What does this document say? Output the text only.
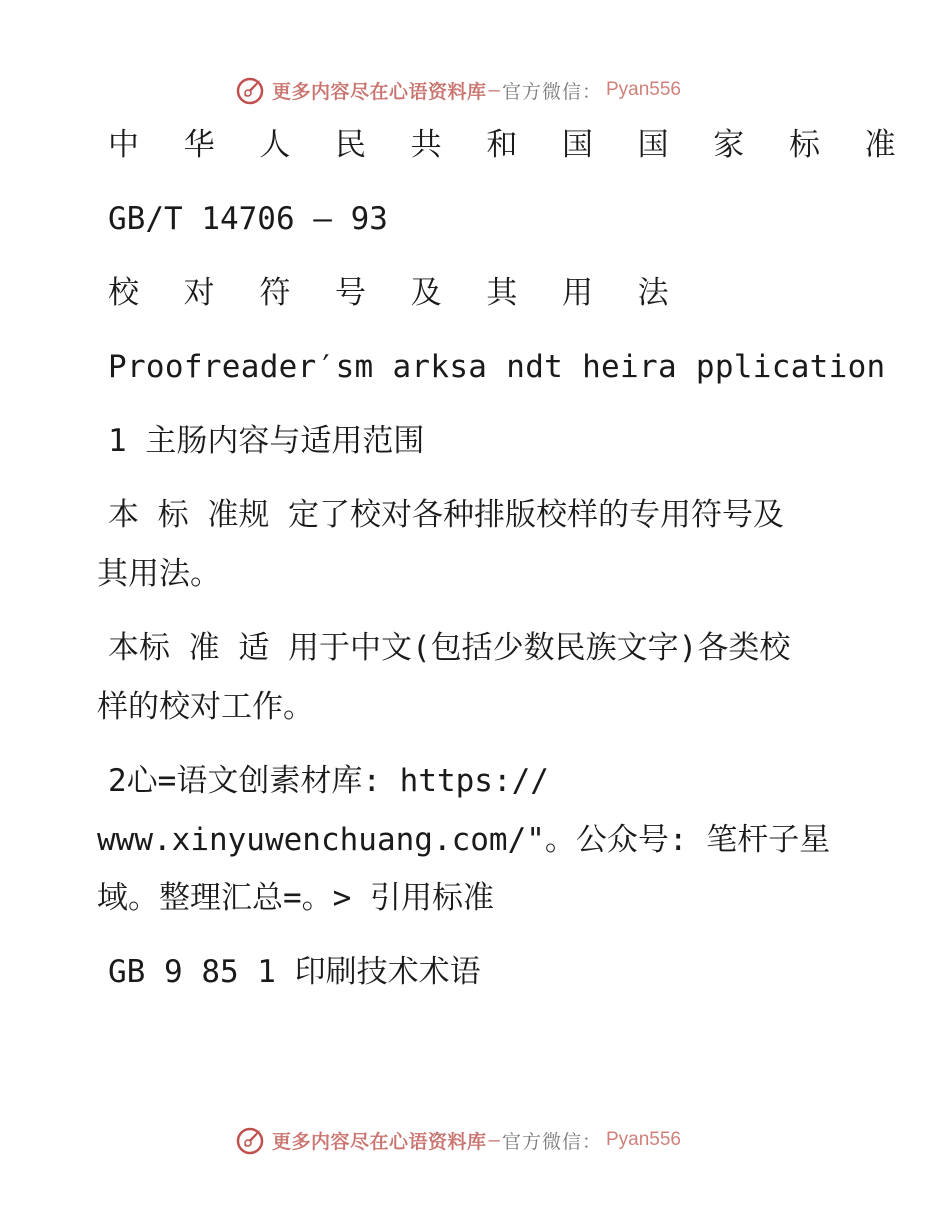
更多内容尽在心语资料库 — 官方微信： Pyan556
中 华 人 民 共 和 国 国 家 标 准
GB/T 14706 — 93
校 对 符 号 及 其 用 法
Proofreader′sm arksa ndt heira pplication
1 主肠内容与适用范围
本 标 准规 定了校对各种排版校样的专用符号及
其用法。
本标 准 适 用于中文(包括少数民族文字)各类校
样的校对工作。
2心=语文创素材库: https://
www.xinyuwenchuang.com/"。公众号: 笔杆子星
域。整理汇总=。> 引用标准
GB 9 85 1 印刷技术术语
更多内容尽在心语资料库 — 官方微信： Pyan556
